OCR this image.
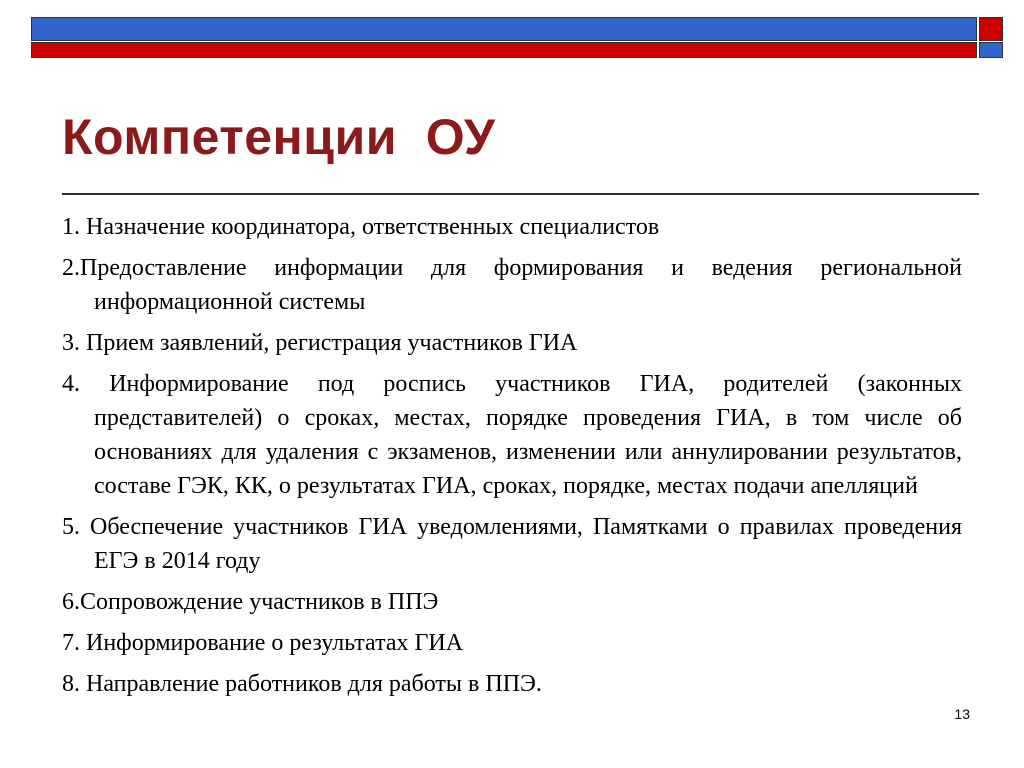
Компетенции  ОУ

1. Назначение координатора, ответственных специалистов

2.Предоставление информации для формирования и ведения региональной информационной системы

3. Прием заявлений, регистрация участников ГИА

4. Информирование под роспись участников ГИА, родителей (законных представителей) о сроках, местах, порядке проведения ГИА, в том числе об основаниях для удаления с экзаменов, изменении или аннулировании результатов, составе ГЭК, КК, о результатах ГИА, сроках, порядке, местах подачи апелляций

5. Обеспечение участников ГИА уведомлениями, Памятками о правилах проведения ЕГЭ в 2014 году

6.Сопровождение участников в ППЭ

7. Информирование о результатах ГИА

8. Направление работников для работы в ППЭ.

13
